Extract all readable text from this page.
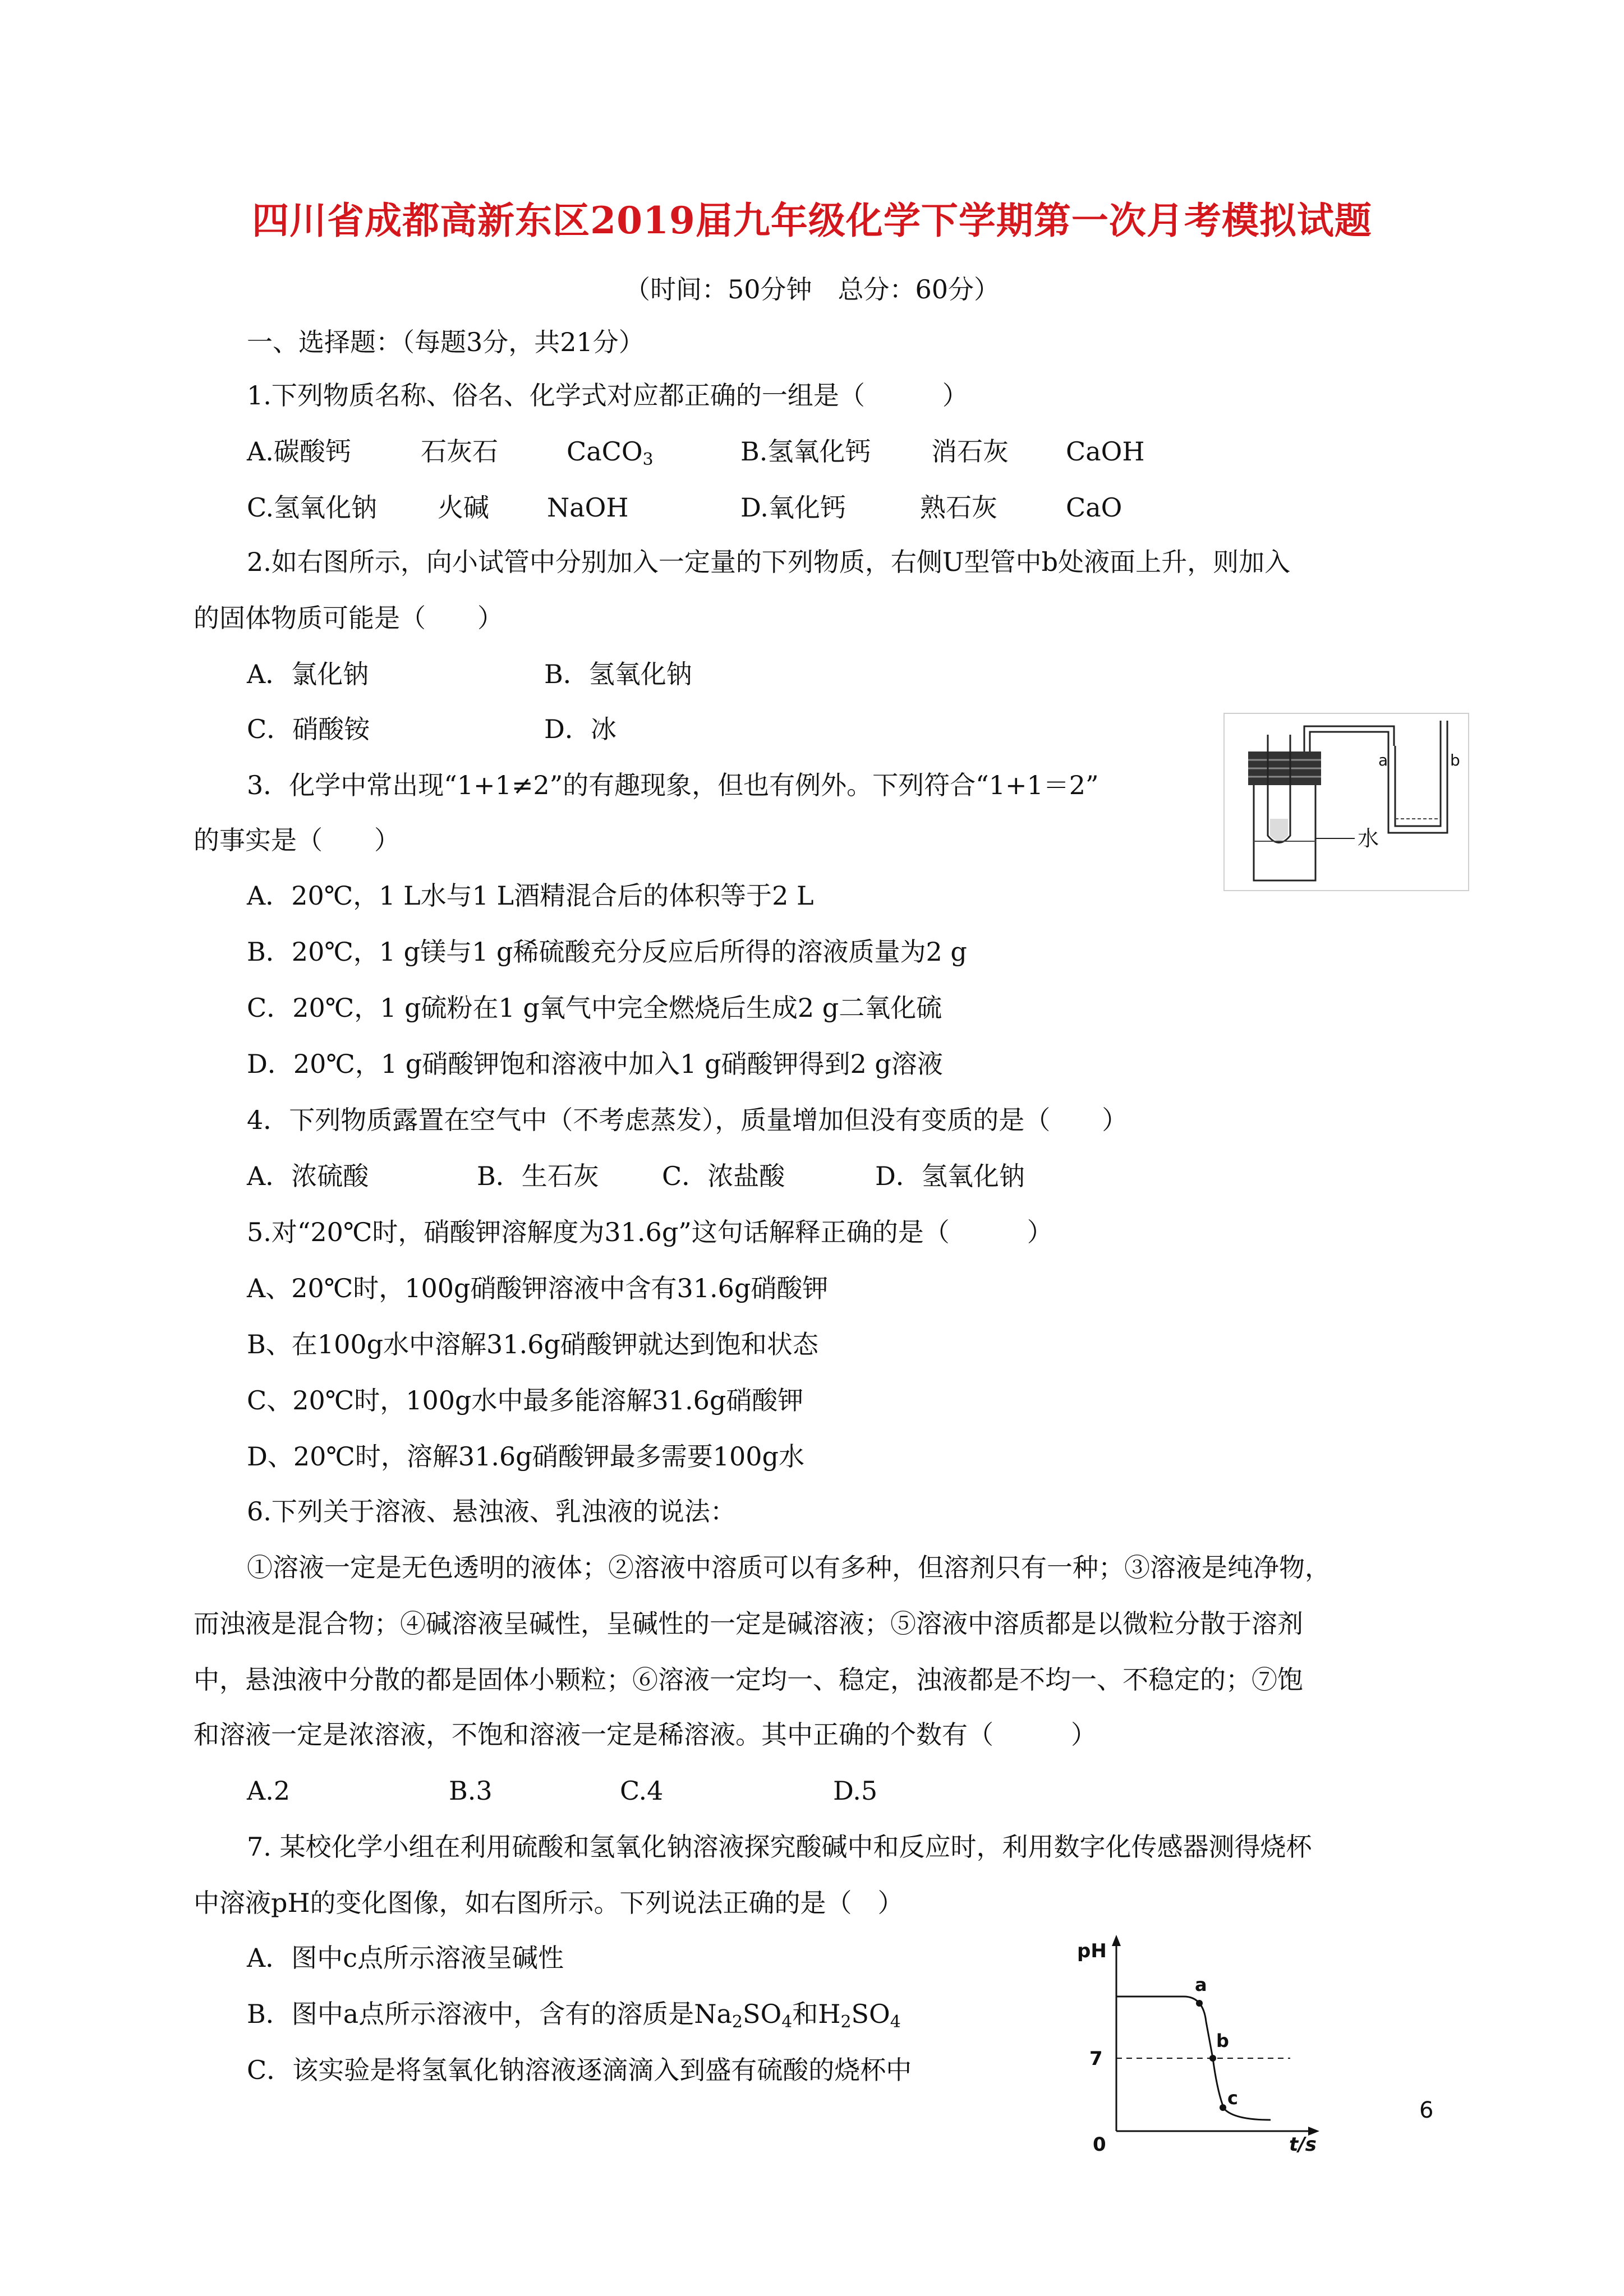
四川省成都高新东区2019届九年级化学下学期第一次月考模拟试题
（时间：50分钟　总分：60分）
一、选择题：（每题3分，共21分）
1.下列物质名称、俗名、化学式对应都正确的一组是（　　　）
A.碳酸钙	石灰石	CaCO$_3$	B.氢氧化钙 消石灰 CaOH
C.氢氧化钠 火碱 NaOH	D.氧化钙	熟石灰	CaO
2.如右图所示，向小试管中分别加入一定量的下列物质，右侧U型管中b处液面上升，则加入
的固体物质可能是（　　）
A．氯化钠	B．氢氧化钠
C．硝酸铵	D．冰
a	b
水
3．化学中常出现“1+1≠2”的有趣现象，但也有例外。下列符合“1+1＝2”
的事实是（　　）
A．20℃，1 L水与1 L酒精混合后的体积等于2 L
B．20℃，1 g镁与1 g稀硫酸充分反应后所得的溶液质量为2 g
C．20℃，1 g硫粉在1 g氧气中完全燃烧后生成2 g二氧化硫
D．20℃，1 g硝酸钾饱和溶液中加入1 g硝酸钾得到2 g溶液
4．下列物质露置在空气中（不考虑蒸发），质量增加但没有变质的是（　　）
A．浓硫酸	B．生石灰 C．浓盐酸	D．氢氧化钠
5.对“20℃时，硝酸钾溶解度为31.6g”这句话解释正确的是（　　　）
A、20℃时，100g硝酸钾溶液中含有31.6g硝酸钾
B、在100g水中溶解31.6g硝酸钾就达到饱和状态
C、20℃时，100g水中最多能溶解31.6g硝酸钾
D、20℃时，溶解31.6g硝酸钾最多需要100g水
6.下列关于溶液、悬浊液、乳浊液的说法：
①溶液一定是无色透明的液体；②溶液中溶质可以有多种，但溶剂只有一种；③溶液是纯净物，
而浊液是混合物；④碱溶液呈碱性，呈碱性的一定是碱溶液；⑤溶液中溶质都是以微粒分散于溶剂
中，悬浊液中分散的都是固体小颗粒；⑥溶液一定均一、稳定，浊液都是不均一、不稳定的；⑦饱
和溶液一定是浓溶液，不饱和溶液一定是稀溶液。其中正确的个数有（　　　）
A.2	B.3	C.4	D.5
7. 某校化学小组在利用硫酸和氢氧化钠溶液探究酸碱中和反应时，利用数字化传感器测得烧杯
中溶液pH的变化图像，如右图所示。下列说法正确的是（　）
A．图中c点所示溶液呈碱性
B．图中a点所示溶液中，含有的溶质是$Na_2SO_4$和$H_2SO_4$
C．该实验是将氢氧化钠溶液逐滴滴入到盛有硫酸的烧杯中
pH
7
0	t/s
a
b
c	6
